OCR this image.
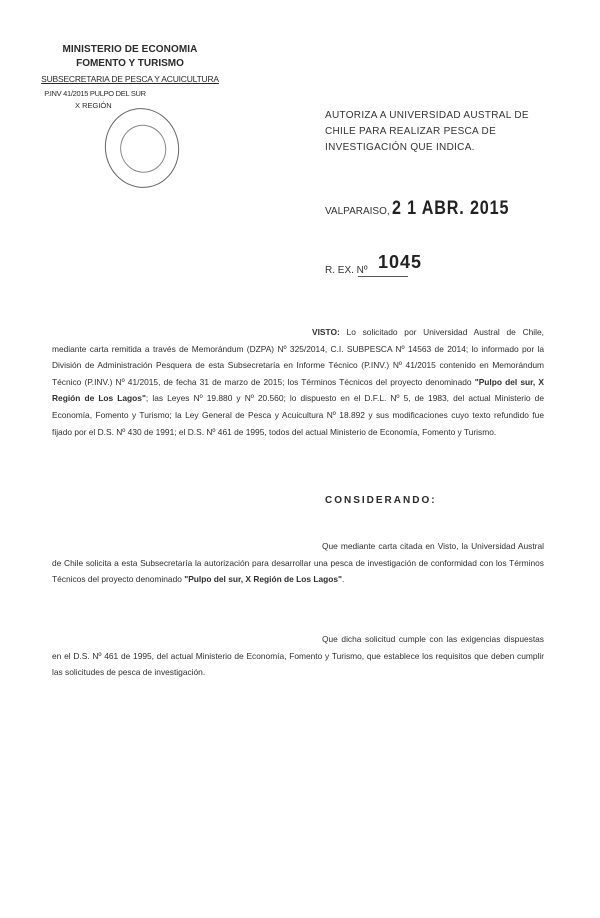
MINISTERIO DE ECONOMIA
FOMENTO Y TURISMO
SUBSECRETARIA DE PESCA Y ACUICULTURA
P.INV 41/2015 PULPO DEL SUR
X REGIÓN
AUTORIZA A UNIVERSIDAD AUSTRAL DE CHILE PARA REALIZAR PESCA DE INVESTIGACIÓN QUE INDICA.
VALPARAISO, 2 1 ABR. 2015
R. EX. Nº 1045
VISTO: Lo solicitado por Universidad Austral de Chile, mediante carta remitida a través de Memorándum (DZPA) Nº 325/2014, C.I. SUBPESCA Nº 14563 de 2014; lo informado por la División de Administración Pesquera de esta Subsecretaría en Informe Técnico (P.INV.) Nº 41/2015 contenido en Memorándum Técnico (P.INV.) Nº 41/2015, de fecha 31 de marzo de 2015; los Términos Técnicos del proyecto denominado "Pulpo del sur, X Región de Los Lagos"; las Leyes Nº 19.880 y Nº 20.560; lo dispuesto en el D.F.L. Nº 5, de 1983, del actual Ministerio de Economía, Fomento y Turismo; la Ley General de Pesca y Acuicultura Nº 18.892 y sus modificaciones cuyo texto refundido fue fijado por el D.S. Nº 430 de 1991; el D.S. Nº 461 de 1995, todos del actual Ministerio de Economía, Fomento y Turismo.
CONSIDERANDO:
Que mediante carta citada en Visto, la Universidad Austral de Chile solicita a esta Subsecretaría la autorización para desarrollar una pesca de investigación de conformidad con los Términos Técnicos del proyecto denominado "Pulpo del sur, X Región de Los Lagos".
Que dicha solicitud cumple con las exigencias dispuestas en el D.S. Nº 461 de 1995, del actual Ministerio de Economía, Fomento y Turismo, que establece los requisitos que deben cumplir las solicitudes de pesca de investigación.
